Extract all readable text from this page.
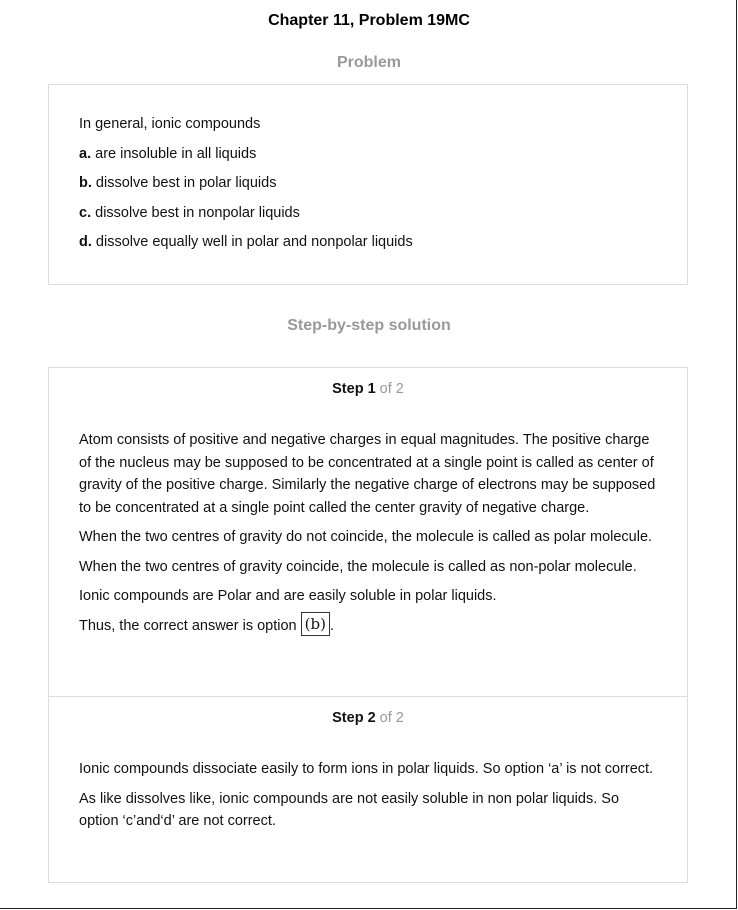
Chapter 11, Problem 19MC
Problem

In general, ionic compounds

a. are insoluble in all liquids

b. dissolve best in polar liquids

c. dissolve best in nonpolar liquids

d. dissolve equally well in polar and nonpolar liquids

Step-by-step solution
Step 1 of 2

Atom consists of positive and negative charges in equal magnitudes. The positive charge of the nucleus may be supposed to be concentrated at a single point is called as center of gravity of the positive charge. Similarly the negative charge of electrons may be supposed to be concentrated at a single point called the center gravity of negative charge.

When the two centres of gravity do not coincide, the molecule is called as polar molecule.

When the two centres of gravity coincide, the molecule is called as non-polar molecule.

Ionic compounds are Polar and are easily soluble in polar liquids.

Thus, the correct answer is option (b) .

Step 2 of 2

Ionic compounds dissociate easily to form ions in polar liquids. So option ‘a’ is not correct.

As like dissolves like, ionic compounds are not easily soluble in non polar liquids. So option ‘c’and‘d’ are not correct.
